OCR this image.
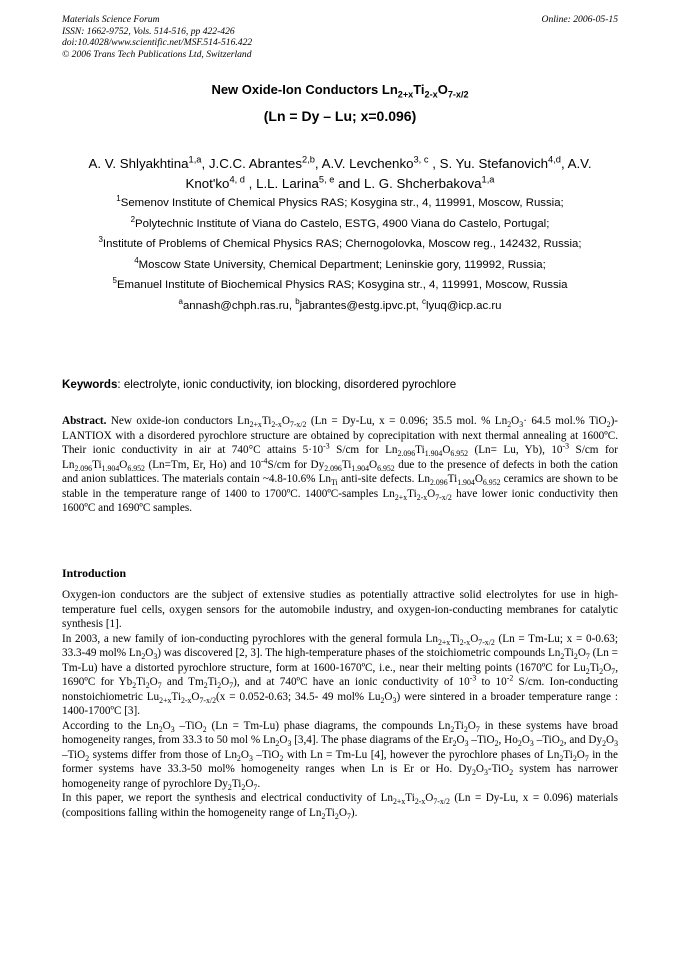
Materials Science Forum
ISSN: 1662-9752, Vols. 514-516, pp 422-426
doi:10.4028/www.scientific.net/MSF.514-516.422
© 2006 Trans Tech Publications Ltd, Switzerland
Online: 2006-05-15
New Oxide-Ion Conductors $Ln_{2+x}Ti_{2-x}O_{7-x/2}$
(Ln = Dy – Lu; x=0.096)
A. V. Shlyakhtina$^{1,a}$, J.C.C. Abrantes$^{2,b}$, A.V. Levchenko$^{3, c}$ , S. Yu. Stefanovich$^{4,d}$, A.V. Knot'ko$^{4, d}$ , L.L. Larina$^{5, e}$ and L. G. Shcherbakova$^{1,a}$
$^1$Semenov Institute of Chemical Physics RAS; Kosygina str., 4, 119991, Moscow, Russia;
$^2$Polytechnic Institute of Viana do Castelo, ESTG, 4900 Viana do Castelo, Portugal;
$^3$Institute of Problems of Chemical Physics RAS; Chernogolovka, Moscow reg., 142432, Russia;
$^4$Moscow State University, Chemical Department; Leninskie gory, 119992, Russia;
$^5$Emanuel Institute of Biochemical Physics RAS; Kosygina str., 4, 119991, Moscow, Russia
$^a$annash@chph.ras.ru, $^b$jabrantes@estg.ipvc.pt, $^c$lyuq@icp.ac.ru
Keywords: electrolyte, ionic conductivity, ion blocking, disordered pyrochlore
Abstract. New oxide-ion conductors $Ln_{2+x}Ti_{2-x}O_{7-x/2}$ (Ln = Dy-Lu, x = 0.096; 35.5 mol. % $Ln_2O_3\cdot 64.5$ mol.% TiO$_2$)-LANTIOX with a disordered pyrochlore structure are obtained by coprecipitation with next thermal annealing at 1600ºC. Their ionic conductivity in air at 740°C attains $5\cdot 10^{-3}$ S/cm for $Ln_{2.096}Ti_{1.904}O_{6.952}$ (Ln= Lu, Yb), $10^{-3}$ S/cm for $Ln_{2.096}Ti_{1.904}O_{6.952}$ (Ln=Tm, Er, Ho) and $10^{-4}S/cm$ for $Dy_{2.096}Ti_{1.904}O_{6.952}$ due to the presence of defects in both the cation and anion sublattices. The materials contain ~4.8-10.6% $Ln_{Ti}$ anti-site defects. $Ln_{2.096}Ti_{1.904}O_{6.952}$ ceramics are shown to be stable in the temperature range of 1400 to 1700ºC. 1400ºC-samples $Ln_{2+x}Ti_{2-x}O_{7-x/2}$ have lower ionic conductivity then 1600ºC and 1690ºC samples.
Introduction

Oxygen-ion conductors are the subject of extensive studies as potentially attractive solid electrolytes for use in high-temperature fuel cells, oxygen sensors for the automobile industry, and oxygen-ion-conducting membranes for catalytic synthesis [1].

In 2003, a new family of ion-conducting pyrochlores with the general formula $Ln_{2+x}Ti_{2-x}O_{7-x/2}$ (Ln = Tm-Lu; x = 0-0.63; 33.3-49 mol% $Ln_2O_3$) was discovered [2, 3]. The high-temperature phases of the stoichiometric compounds $Ln_2Ti_2O_7$ (Ln = Tm-Lu) have a distorted pyrochlore structure, form at 1600-1670ºC, i.e., near their melting points (1670ºC for $Lu_2Ti_2O_7$, 1690ºC for $Yb_2Ti_2O_7$ and $Tm_2Ti_2O_7$), and at 740ºC have an ionic conductivity of $10^{-3}$ to $10^{-2}$ S/cm. Ion-conducting nonstoichiometric $Lu_{2+x}Ti_{2-x}O_{7-x/2}(x = 0.052-0.63$; 34.5- 49 mol% $Lu_2O_3$) were sintered in a broader temperature range : 1400-1700ºC [3].

According to the $Ln_2O_3$ –TiO$_2$ (Ln = Tm-Lu) phase diagrams, the compounds $Ln_2Ti_2O_7$ in these systems have broad homogeneity ranges, from 33.3 to 50 mol % $Ln_2O_3$ [3,4]. The phase diagrams of the $Er_2O_3$ –TiO$_2$, $Ho_2O_3$ –TiO$_2$, and $Dy_2O_3$ –TiO$_2$ systems differ from those of $Ln_2O_3$ –TiO$_2$ with Ln = Tm-Lu [4], however the pyrochlore phases of $Ln_2Ti_2O_7$ in the former systems have 33.3-50 mol% homogeneity ranges when Ln is Er or Ho. $Dy_2O_3-TiO_2$ system has narrower homogeneity range of pyrochlore $Dy_2Ti_2O_7$.

In this paper, we report the synthesis and electrical conductivity of $Ln_{2+x}Ti_{2-x}O_{7-x/2}$ (Ln = Dy-Lu, x = 0.096) materials (compositions falling within the homogeneity range of $Ln_2Ti_2O_7$).
